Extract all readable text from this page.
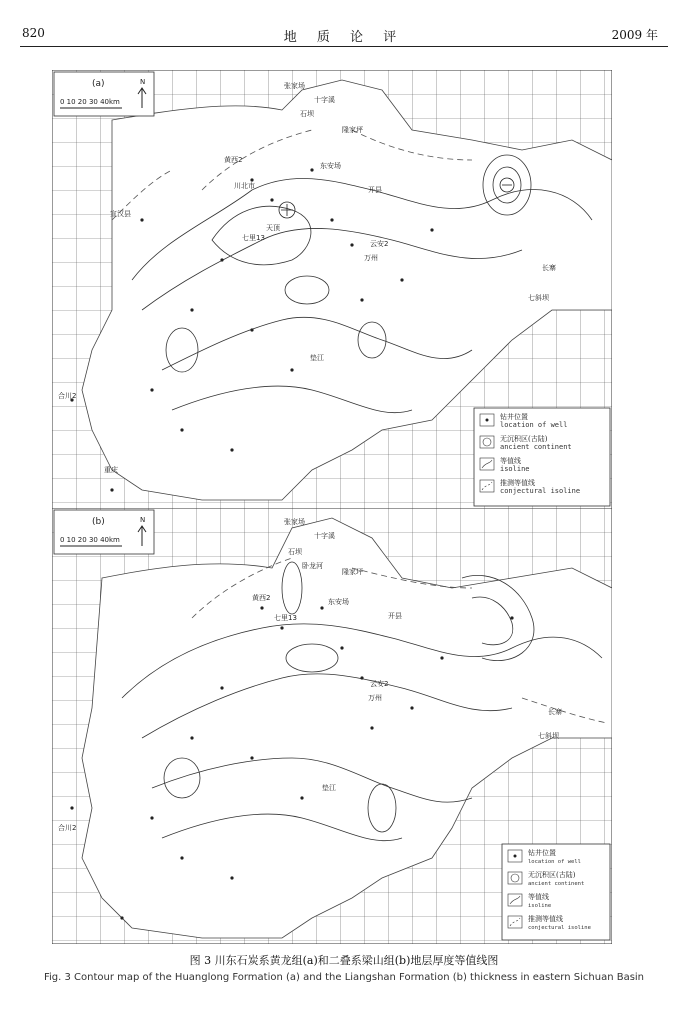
820	地 质 论 评	2009 年
(a)
0 10 20 30 40km
N	张家场
十字溪
石坝
隆家坪
东安场
黄西2
川北市
七里13
天顶
云安2
万州
长寨
七斜坝
重庆
合川2
垫江
宣汉县
开县
钻井位置
location of well
无沉积区(古陆)
ancient continent
等值线
isoline
推测等值线
conjectural isoline
(b)
0 10 20 30 40km
N	张家场
十字溪
石坝
隆家坪
东安场
黄西2
七里13
云安2
万州
长寨
七斜坝
卧龙河
合川2
垫江
开县
钻井位置
location of well
无沉积区(古陆)
ancient continent
等值线
isoline
推测等值线
conjectural isoline
图 3 川东石炭系黄龙组(a)和二叠系梁山组(b)地层厚度等值线图
Fig. 3 Contour map of the Huanglong Formation (a) and the Liangshan Formation (b) thickness in eastern Sichuan Basin
